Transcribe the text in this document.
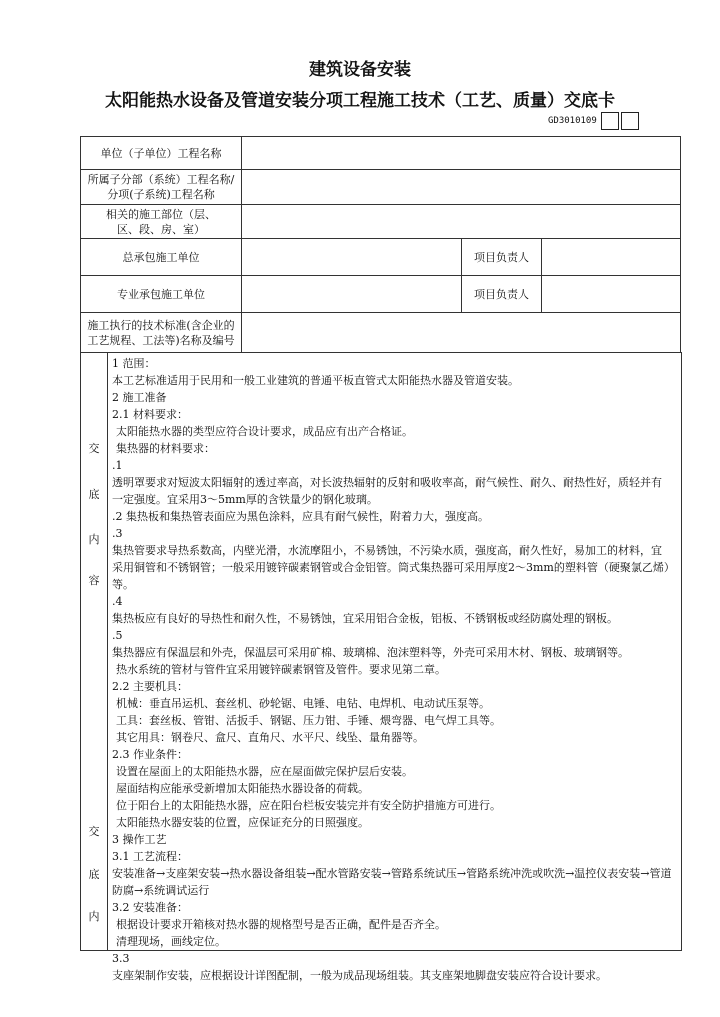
建筑设备安装
太阳能热水设备及管道安装分项工程施工技术（工艺、质量）交底卡
GD3010109
单位（子单位）工程名称			
所属子分部（系统）工程名称/分项(子系统)工程名称			
相关的施工部位（层、区、段、房、室）			
总承包施工单位		项目负责人	
专业承包施工单位		项目负责人	
施工执行的技术标准(含企业的工艺规程、工法等)名称及编号			
交
底
内
容
交
底
内
1 范围：
本工艺标准适用于民用和一般工业建筑的普通平板直管式太阳能热水器及管道安装。
2 施工准备
2.1 材料要求：
太阳能热水器的类型应符合设计要求，成品应有出产合格证。
集热器的材料要求：
.1
透明罩要求对短波太阳辐射的透过率高，对长波热辐射的反射和吸收率高，耐气候性、耐久、耐热性好，质轻并有一定强度。宜采用3～5mm厚的含铁量少的钢化玻璃。
.2 集热板和集热管表面应为黑色涂料，应具有耐气候性，附着力大，强度高。
.3
集热管要求导热系数高，内壁光滑，水流摩阻小，不易锈蚀，不污染水质，强度高，耐久性好，易加工的材料，宜采用铜管和不锈钢管；一般采用镀锌碳素钢管或合金铝管。筒式集热器可采用厚度2～3mm的塑料管（硬聚氯乙烯）等。
.4
集热板应有良好的导热性和耐久性，不易锈蚀，宜采用铝合金板，铝板、不锈钢板或经防腐处理的钢板。
.5
集热器应有保温层和外壳，保温层可采用矿棉、玻璃棉、泡沫塑料等，外壳可采用木材、钢板、玻璃钢等。
热水系统的管材与管件宜采用镀锌碳素钢管及管件。要求见第二章。
2.2 主要机具：
机械：垂直吊运机、套丝机、砂轮锯、电锤、电钻、电焊机、电动试压泵等。
工具：套丝板、管钳、活扳手、钢锯、压力钳、手锤、煨弯器、电气焊工具等。
其它用具：钢卷尺、盒尺、直角尺、水平尺、线坠、量角器等。
2.3 作业条件：
设置在屋面上的太阳能热水器，应在屋面做完保护层后安装。
屋面结构应能承受新增加太阳能热水器设备的荷载。
位于阳台上的太阳能热水器，应在阳台栏板安装完并有安全防护措施方可进行。
太阳能热水器安装的位置，应保证充分的日照强度。
3 操作工艺
3.1 工艺流程：
安装准备→支座架安装→热水器设备组装→配水管路安装→管路系统试压→管路系统冲洗或吹洗→温控仪表安装→管道防腐→系统调试运行
3.2 安装准备：
根据设计要求开箱核对热水器的规格型号是否正确，配件是否齐全。
清理现场，画线定位。
3.3
支座架制作安装，应根据设计详图配制，一般为成品现场组装。其支座架地脚盘安装应符合设计要求。
